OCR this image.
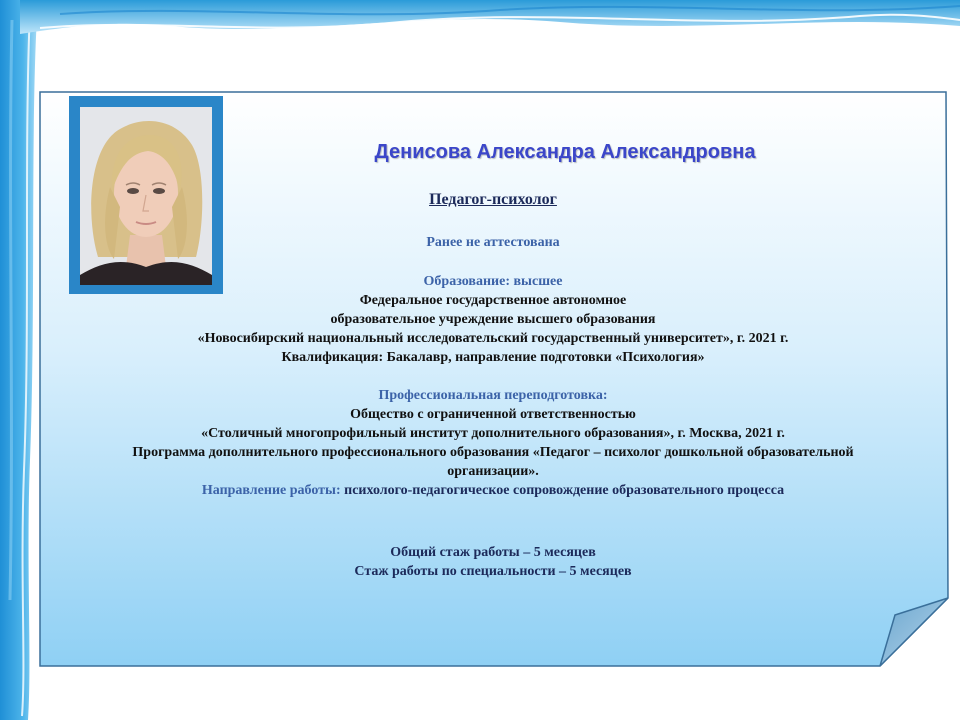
Денисова Александра Александровна
Педагог-психолог
Ранее не аттестована
Образование: высшее
Федеральное государственное автономное
образовательное учреждение высшего образования
«Новосибирский национальный исследовательский государственный университет», г. 2021 г.
Квалификация: Бакалавр, направление подготовки «Психология»
Профессиональная переподготовка:
Общество с ограниченной ответственностью
«Столичный многопрофильный институт дополнительного образования», г. Москва, 2021 г.
Программа дополнительного профессионального образования «Педагог – психолог дошкольной образовательной
организации».
Направление работы: психолого-педагогическое сопровождение образовательного процесса
Общий стаж работы – 5 месяцев
Стаж работы по специальности – 5 месяцев
